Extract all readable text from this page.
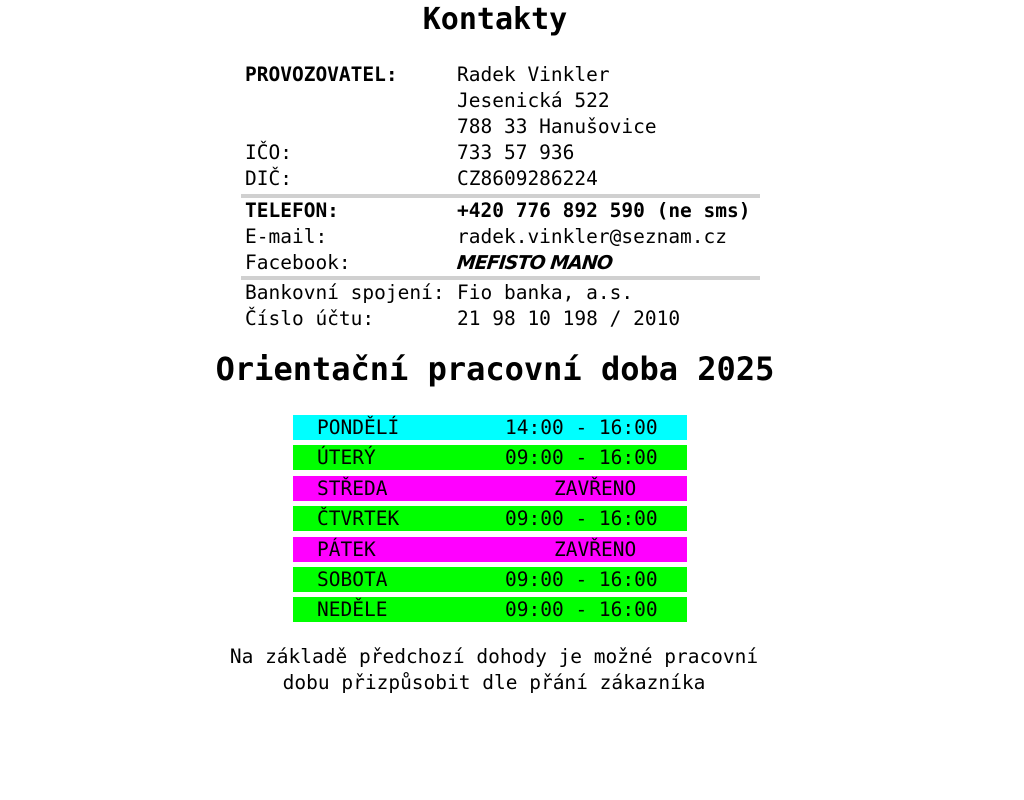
Kontakty
PROVOZOVATEL:	Radek Vinkler
Jesenická 522
788 33 Hanušovice
IČO:	733 57 936
DIČ:	CZ8609286224
TELEFON:	+420 776 892 590 (ne sms)
E-mail:	radek.vinkler@seznam.cz
Facebook:	MEFISTO MANO
Bankovní spojení: Fio banka, a.s.
Číslo účtu:	21 98 10 198 / 2010
Orientační pracovní doba 2025
PONDĚLÍ	14:00 - 16:00
ÚTERÝ	09:00 - 16:00
STŘEDA	ZAVŘENO
ČTVRTEK	09:00 - 16:00
PÁTEK	ZAVŘENO
SOBOTA	09:00 - 16:00
NEDĚLE	09:00 - 16:00
Na základě předchozí dohody je možné pracovní
dobu přizpůsobit dle přání zákazníka
